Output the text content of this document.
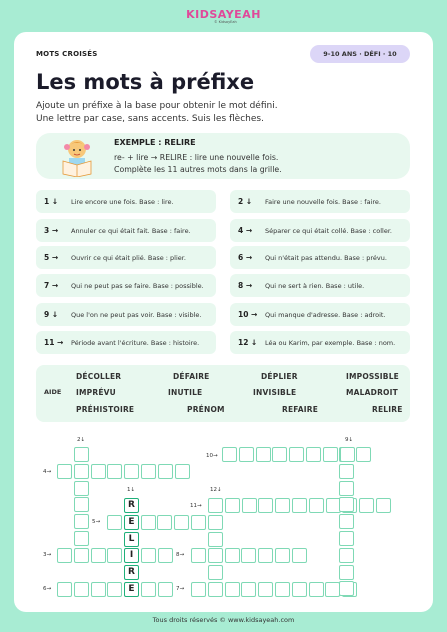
KIDSAYEAH
© KidsayEah
MOTS CROISÉS	9-10 ANS · DÉFI · 10
Les mots à préfixe
Ajoute un préfixe à la base pour obtenir le mot défini.
Une lettre par case, sans accents. Suis les flèches.
EXEMPLE : RELIRE
re- + lire → RELIRE : lire une nouvelle fois.
Complète les 11 autres mots dans la grille.
1 ↓ Lire encore une fois. Base : lire.	2 ↓ Faire une nouvelle fois. Base : faire.
3 → Annuler ce qui était fait. Base : faire.	4 → Séparer ce qui était collé. Base : coller.
5 → Ouvrir ce qui était plié. Base : plier.	6 → Qui n'était pas attendu. Base : prévu.
7 → Qui ne peut pas se faire. Base : possible.	8 → Qui ne sert à rien. Base : utile.
9 ↓ Que l'on ne peut pas voir. Base : visible.	10 → Qui manque d'adresse. Base : adroit.
11 → Période avant l'écriture. Base : histoire.	12 ↓ Léa ou Karim, par exemple. Base : nom.
AIDE
DÉCOLLER	DÉFAIRE	DÉPLIER	IMPOSSIBLE
IMPRÉVU	INUTILE	INVISIBLE	MALADROIT
PRÉHISTOIRE	PRÉNOM	REFAIRE	RELIRE
2↓	9↓
10→
4→
1↓	12↓
11→
5→
3→	8→
6→	7→
R
E
L
I
R
E
Tous droits réservés © www.kidsayeah.com
